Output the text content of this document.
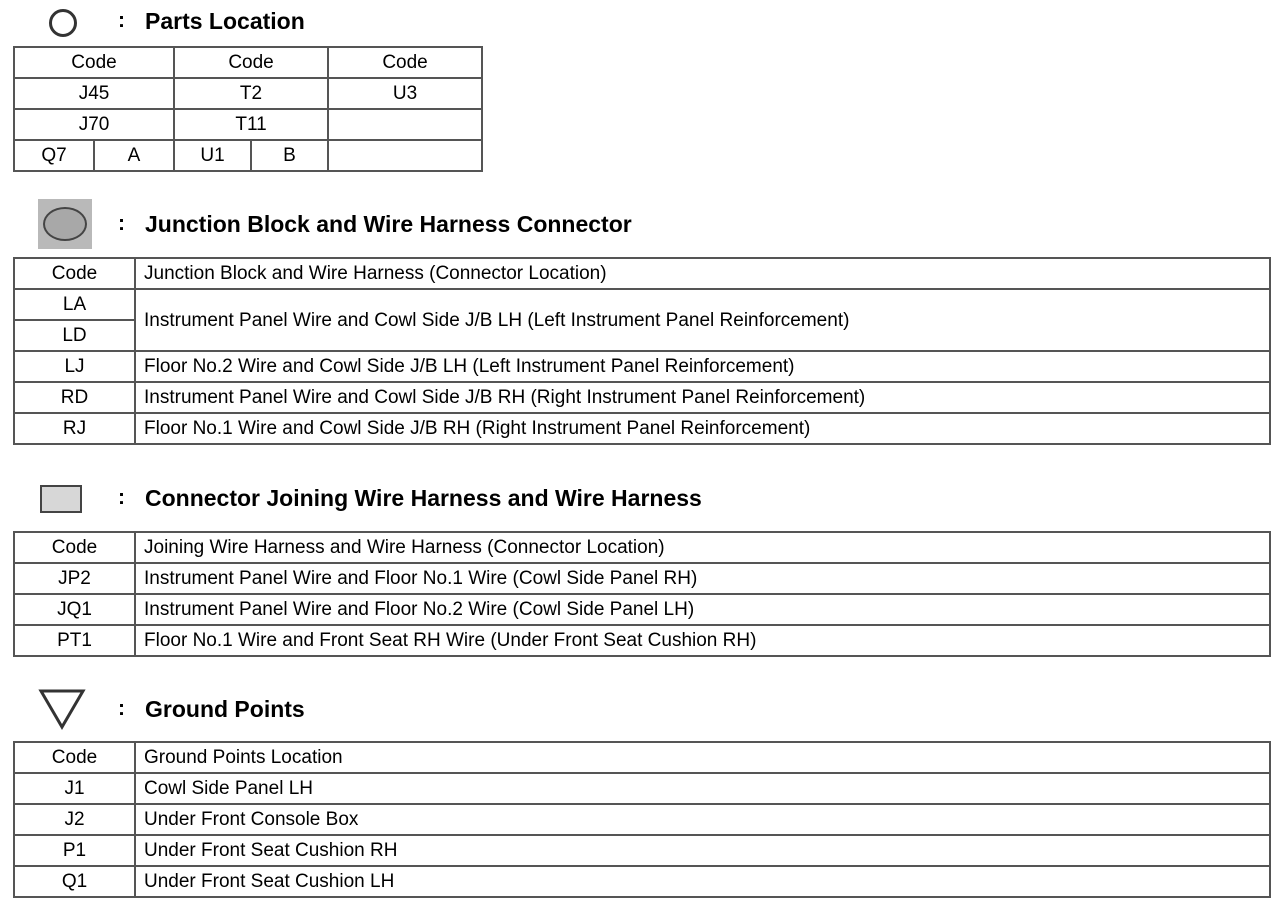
: Parts Location
Code		Code		Code
J45		T2		U3
J70		T11		
Q7	A	U1	B	
: Junction Block and Wire Harness Connector
Code	Junction Block and Wire Harness (Connector Location)
LA	Instrument Panel Wire and Cowl Side J/B LH (Left Instrument Panel Reinforcement)
LD	
LJ	Floor No.2 Wire and Cowl Side J/B LH (Left Instrument Panel Reinforcement)
RD	Instrument Panel Wire and Cowl Side J/B RH (Right Instrument Panel Reinforcement)
RJ	Floor No.1 Wire and Cowl Side J/B RH (Right Instrument Panel Reinforcement)
: Connector Joining Wire Harness and Wire Harness
Code	Joining Wire Harness and Wire Harness (Connector Location)
JP2	Instrument Panel Wire and Floor No.1 Wire (Cowl Side Panel RH)
JQ1	Instrument Panel Wire and Floor No.2 Wire (Cowl Side Panel LH)
PT1	Floor No.1 Wire and Front Seat RH Wire (Under Front Seat Cushion RH)
: Ground Points
Code	Ground Points Location
J1	Cowl Side Panel LH
J2	Under Front Console Box
P1	Under Front Seat Cushion RH
Q1	Under Front Seat Cushion LH
